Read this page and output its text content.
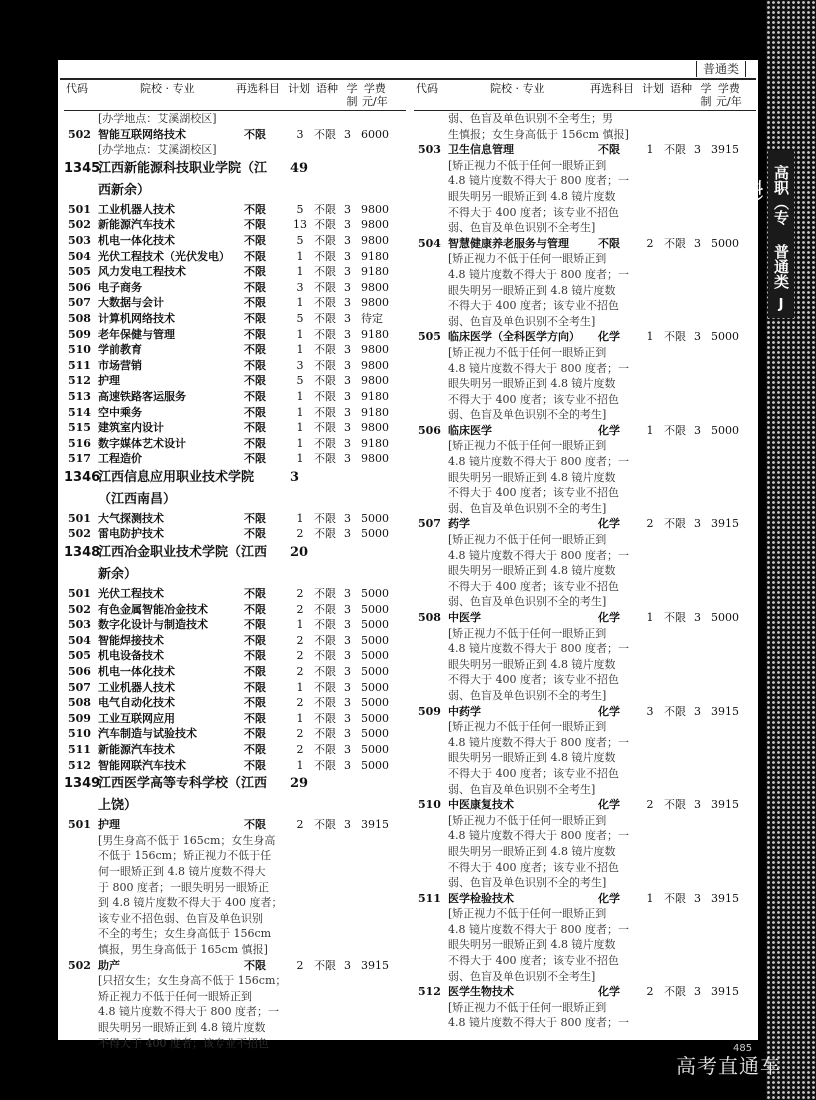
高职（专
普通类
J
普通类
代码	院校 · 专业	再选科目 计划 语种 学
制
学费
元/年
[办学地点：艾溪湖校区]
502 智能互联网络技术	不限	3 不限 3 6000
[办学地点：艾溪湖校区]
1345
江西新能源科技职业学院（江 49
西新余）
501 工业机器人技术	不限	5 不限 3 9800
502 新能源汽车技术	不限 13 不限 3 9800
503 机电一体化技术	不限	5 不限 3 9800
504 光伏工程技术（光伏发电） 不限	1 不限 3 9180
505 风力发电工程技术	不限	1 不限 3 9180
506 电子商务	不限	3 不限 3 9800
507 大数据与会计	不限	1 不限 3 9800
508 计算机网络技术	不限	5 不限 3 待定
509 老年保健与管理	不限	1 不限 3 9180
510 学前教育	不限	1 不限 3 9800
511 市场营销	不限	3 不限 3 9800
512 护理	不限	5 不限 3 9800
513 高速铁路客运服务	不限	1 不限 3 9180
514 空中乘务	不限	1 不限 3 9180
515 建筑室内设计	不限	1 不限 3 9800
516 数字媒体艺术设计	不限	1 不限 3 9180
517 工程造价	不限	1 不限 3 9800
1346
江西信息应用职业技术学院	3
（江西南昌）
501 大气探测技术	不限	1 不限 3 5000
502 雷电防护技术	不限	2 不限 3 5000
1348
江西冶金职业技术学院（江西 20
新余）
501 光伏工程技术	不限	2 不限 3 5000
502 有色金属智能冶金技术	不限	2 不限 3 5000
503 数字化设计与制造技术	不限	1 不限 3 5000
504 智能焊接技术	不限	2 不限 3 5000
505 机电设备技术	不限	2 不限 3 5000
506 机电一体化技术	不限	2 不限 3 5000
507 工业机器人技术	不限	1 不限 3 5000
508 电气自动化技术	不限	2 不限 3 5000
509 工业互联网应用	不限	1 不限 3 5000
510 汽车制造与试验技术	不限	2 不限 3 5000
511 新能源汽车技术	不限	2 不限 3 5000
512 智能网联汽车技术	不限	1 不限 3 5000
1349
江西医学高等专科学校（江西 29
上饶）
501 护理	不限	2 不限 3 3915
[男生身高不低于 165cm；女生身高
不低于 156cm；矫正视力不低于任
何一眼矫正到 4.8 镜片度数不得大
于 800 度者；一眼失明另一眼矫正
到 4.8 镜片度数不得大于 400 度者；
该专业不招色弱、色盲及单色识别
不全的考生；女生身高低于 156cm
慎报，男生身高低于 165cm 慎报]
502 助产	不限	2 不限 3 3915
[只招女生；女生身高不低于 156cm；
矫正视力不低于任何一眼矫正到
4.8 镜片度数不得大于 800 度者；一
眼失明另一眼矫正到 4.8 镜片度数
不得大于 400 度者；该专业不招色
代码	院校 · 专业	再选科目 计划 语种 学
制
学费
元/年
弱、色盲及单色识别不全考生；男
生慎报；女生身高低于 156cm 慎报]
503 卫生信息管理	不限	1 不限 3 3915
[矫正视力不低于任何一眼矫正到
4.8 镜片度数不得大于 800 度者；一
眼失明另一眼矫正到 4.8 镜片度数
不得大于 400 度者；该专业不招色
弱、色盲及单色识别不全考生]
504 智慧健康养老服务与管理	不限	2 不限 3 5000
[矫正视力不低于任何一眼矫正到
4.8 镜片度数不得大于 800 度者；一
眼失明另一眼矫正到 4.8 镜片度数
不得大于 400 度者；该专业不招色
弱、色盲及单色识别不全考生]
505 临床医学（全科医学方向） 化学	1 不限 3 5000
[矫正视力不低于任何一眼矫正到
4.8 镜片度数不得大于 800 度者；一
眼失明另一眼矫正到 4.8 镜片度数
不得大于 400 度者；该专业不招色
弱、色盲及单色识别不全的考生]
506 临床医学	化学	1 不限 3 5000
[矫正视力不低于任何一眼矫正到
4.8 镜片度数不得大于 800 度者；一
眼失明另一眼矫正到 4.8 镜片度数
不得大于 400 度者；该专业不招色
弱、色盲及单色识别不全的考生]
507 药学	化学	2 不限 3 3915
[矫正视力不低于任何一眼矫正到
4.8 镜片度数不得大于 800 度者；一
眼失明另一眼矫正到 4.8 镜片度数
不得大于 400 度者；该专业不招色
弱、色盲及单色识别不全的考生]
508 中医学	化学	1 不限 3 5000
[矫正视力不低于任何一眼矫正到
4.8 镜片度数不得大于 800 度者；一
眼失明另一眼矫正到 4.8 镜片度数
不得大于 400 度者；该专业不招色
弱、色盲及单色识别不全的考生]
509 中药学	化学	3 不限 3 3915
[矫正视力不低于任何一眼矫正到
4.8 镜片度数不得大于 800 度者；一
眼失明另一眼矫正到 4.8 镜片度数
不得大于 400 度者；该专业不招色
弱、色盲及单色识别不全考生]
510 中医康复技术	化学	2 不限 3 3915
[矫正视力不低于任何一眼矫正到
4.8 镜片度数不得大于 800 度者；一
眼失明另一眼矫正到 4.8 镜片度数
不得大于 400 度者；该专业不招色
弱、色盲及单色识别不全的考生]
511 医学检验技术	化学	1 不限 3 3915
[矫正视力不低于任何一眼矫正到
4.8 镜片度数不得大于 800 度者；一
眼失明另一眼矫正到 4.8 镜片度数
不得大于 400 度者；该专业不招色
弱、色盲及单色识别不全考生]
512 医学生物技术	化学	2 不限 3 3915
[矫正视力不低于任何一眼矫正到
4.8 镜片度数不得大于 800 度者；一
485
高考直通车
